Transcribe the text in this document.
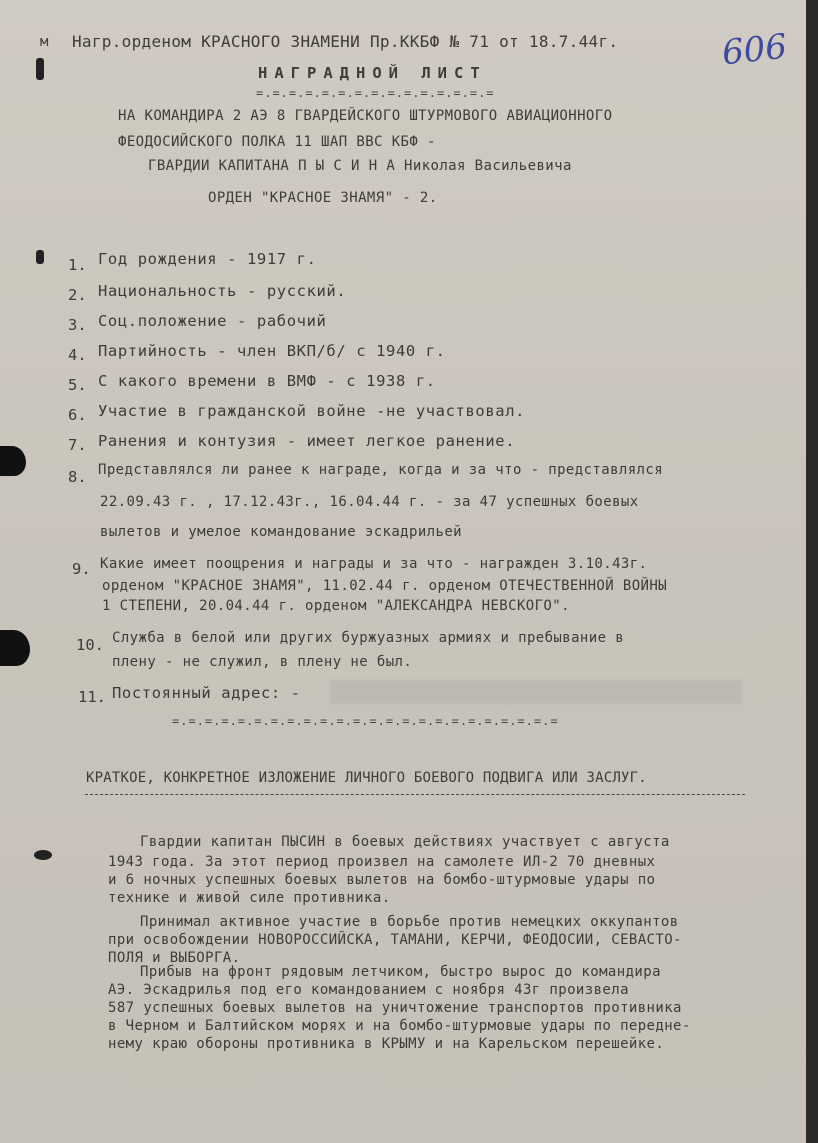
м Нагр.орденом КРАСНОГО ЗНАМЕНИ Пр.ККБФ № 71 от 18.7.44г.	606
НАГРАДНОЙ ЛИСТ
=.=.=.=.=.=.=.=.=.=.=.=.=.=.=
НА КОМАНДИРА 2 АЭ 8 ГВАРДЕЙСКОГО ШТУРМОВОГО АВИАЦИОННОГО
ФЕОДОСИЙСКОГО ПОЛКА 11 ШАП ВВС КБФ -
ГВАРДИИ КАПИТАНА П Ы С И Н А Николая Васильевича
ОРДЕН "КРАСНОЕ ЗНАМЯ" - 2.
1. Год рождения - 1917 г.
2. Национальность - русский.
3. Соц.положение - рабочий
4. Партийность - член ВКП/б/ с 1940 г.
5. С какого времени в ВМФ - с 1938 г.
6. Участие в гражданской войне -не участвовал.
7. Ранения и контузия - имеет легкое ранение.
8. Представлялся ли ранее к награде, когда и за что - представлялся
22.09.43 г. , 17.12.43г., 16.04.44 г. - за 47 успешных боевых
вылетов и умелое командование эскадрильей
9. Какие имеет поощрения и награды и за что - награжден 3.10.43г.
орденом "КРАСНОЕ ЗНАМЯ", 11.02.44 г. орденом ОТЕЧЕСТВЕННОЙ ВОЙНЫ
1 СТЕПЕНИ, 20.04.44 г. орденом "АЛЕКСАНДРА НЕВСКОГО".
10. Служба в белой или других буржуазных армиях и пребывание в
плену - не служил, в плену не был.
11. Постоянный адрес: -
=.=.=.=.=.=.=.=.=.=.=.=.=.=.=.=.=.=.=.=.=.=.=.=
КРАТКОЕ, КОНКРЕТНОЕ ИЗЛОЖЕНИЕ ЛИЧНОГО БОЕВОГО ПОДВИГА ИЛИ ЗАСЛУГ.
Гвардии капитан ПЫСИН в боевых действиях участвует с августа
1943 года. За этот период произвел на самолете ИЛ-2 70 дневных
и 6 ночных успешных боевых вылетов на бомбо-штурмовые удары по
технике и живой силе противника.
Принимал активное участие в борьбе против немецких оккупантов
при освобождении НОВОРОССИЙСКА, ТАМАНИ, КЕРЧИ, ФЕОДОСИИ, СЕВАСТО-
ПОЛЯ и ВЫБОРГА.
Прибыв на фронт рядовым летчиком, быстро вырос до командира
АЭ. Эскадрилья под его командованием с ноября 43г произвела
587 успешных боевых вылетов на уничтожение транспортов противника
в Черном и Балтийском морях и на бомбо-штурмовые удары по передне-
нему краю обороны противника в КРЫМУ и на Карельском перешейке.
